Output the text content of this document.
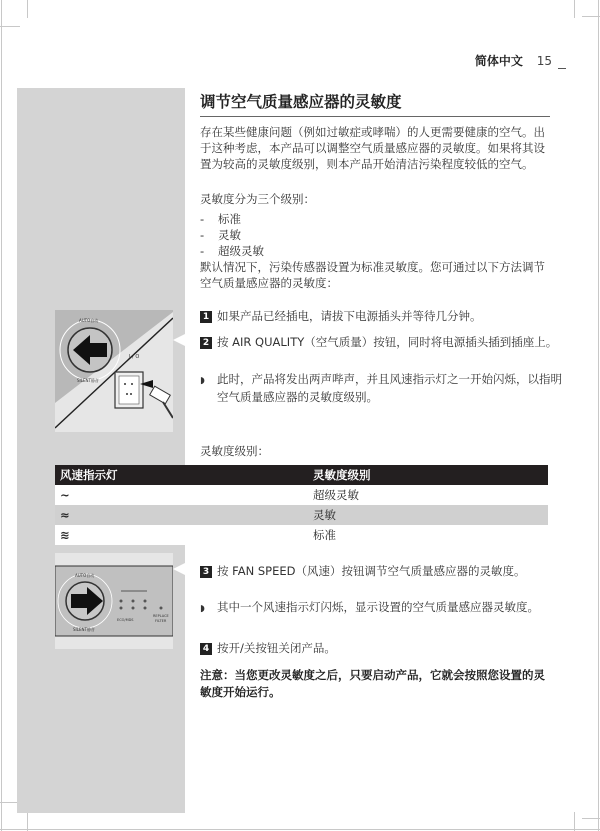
简体中文 15
调节空气质量感应器的灵敏度
存在某些健康问题（例如过敏症或哮喘）的人更需要健康的空气。出于这种考虑，本产品可以调整空气质量感应器的灵敏度。如果将其设置为较高的灵敏度级别，则本产品开始清洁污染程度较低的空气。
灵敏度分为三个级别：
- 标准
- 灵敏
- 超级灵敏
默认情况下，污染传感器设置为标准灵敏度。您可通过以下方法调节空气质量感应器的灵敏度：
AUTO自动
SILENT静音
I / O
1 如果产品已经插电，请拔下电源插头并等待几分钟。
2 按 AIR QUALITY（空气质量）按钮，同时将电源插头插到插座上。
◗ 此时，产品将发出两声哔声，并且风速指示灯之一开始闪烁，以指明空气质量感应器的灵敏度级别。
灵敏度级别：
风速指示灯	灵敏度级别
∼	超级灵敏
≈	灵敏
≋	标准
AUTO自动
SILENT静音
ECO/MDS
REPLACE
FILTER
3 按 FAN SPEED（风速）按钮调节空气质量感应器的灵敏度。
◗ 其中一个风速指示灯闪烁，显示设置的空气质量感应器灵敏度。
4 按开/关按钮关闭产品。
注意：当您更改灵敏度之后，只要启动产品，它就会按照您设置的灵敏度开始运行。
